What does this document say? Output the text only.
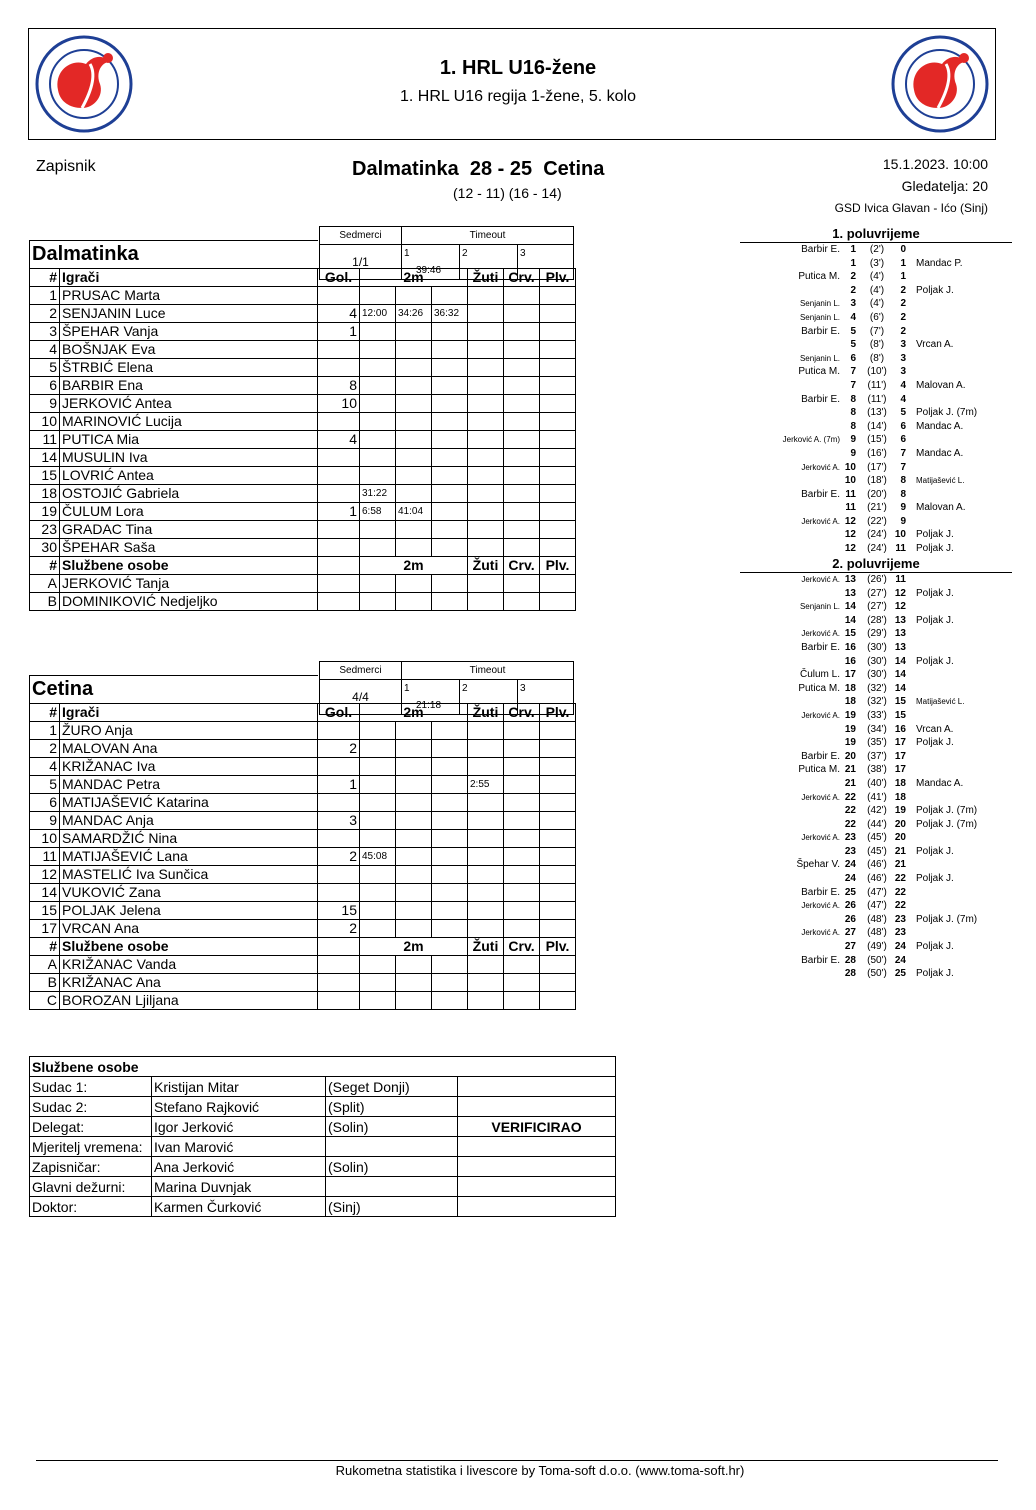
1. HRL U16-žene
1. HRL U16 regija 1-žene, 5. kolo
Zapisnik	Dalmatinka 28 - 25 Cetina
(12 - 11) (16 - 14)
15.1.2023. 10:00
Gledatelja: 20
GSD Ivica Glavan - Ićo (Sinj)
Sedmerci	Timeout		
1/1	1
39:46	2	3
Dalmatinka								
#	Igrači	Gol.	2m			Žuti	Crv.	Plv.
1	PRUSAC Marta							
2	SENJANIN Luce	4	12:00	34:26	36:32			
3	ŠPEHAR Vanja	1						
4	BOŠNJAK Eva							
5	ŠTRBIĆ Elena							
6	BARBIR Ena	8						
9	JERKOVIĆ Antea	10						
10	MARINOVIĆ Lucija							
11	PUTICA Mia	4						
14	MUSULIN Iva							
15	LOVRIĆ Antea							
18	OSTOJIĆ Gabriela		31:22					
19	ČULUM Lora	1	6:58	41:04				
23	GRADAC Tina							
30	ŠPEHAR Saša							
#	Službene osobe		2m			Žuti	Crv.	Plv.
A	JERKOVIĆ Tanja							
B	DOMINIKOVIĆ Nedjeljko							
Sedmerci	Timeout		
4/4	1
21:18	2	3
Cetina								
#	Igrači	Gol.	2m			Žuti	Crv.	Plv.
1	ŽURO Anja							
2	MALOVAN Ana	2						
4	KRIŽANAC Iva							
5	MANDAC Petra	1				2:55		
6	MATIJAŠEVIĆ Katarina							
9	MANDAC Anja	3						
10	SAMARDŽIĆ Nina							
11	MATIJAŠEVIĆ Lana	2	45:08					
12	MASTELIĆ Iva Sunčica							
14	VUKOVIĆ Zana							
15	POLJAK Jelena	15						
17	VRCAN Ana	2						
#	Službene osobe		2m			Žuti	Crv.	Plv.
A	KRIŽANAC Vanda							
B	KRIŽANAC Ana							
C	BOROZAN Ljiljana							
Službene osobe			
Sudac 1:	Kristijan Mitar	(Seget Donji)	
Sudac 2:	Stefano Rajković	(Split)	
Delegat:	Igor Jerković	(Solin)	VERIFICIRAO
Mjeritelj vremena:	Ivan Marović		
Zapisničar:	Ana Jerković	(Solin)	
Glavni dežurni:	Marina Duvnjak		
Doktor:	Karmen Čurković	(Sinj)	
1. poluvrijeme
Barbir E.	1	(2')	0
1	(3')	1 Mandac P.
Putica M.	2	(4')	1
2	(4')	2 Poljak J.
Senjanin L.	3	(4')	2
Senjanin L.	4	(6')	2
Barbir E.	5	(7')	2
5	(8')	3 Vrcan A.
Senjanin L.	6	(8')	3
Putica M.	7	(10')	3
7	(11')	4 Malovan A.
Barbir E.	8	(11')	4
8	(13')	5 Poljak J. (7m)
8	(14')	6 Mandac A.
Jerković A. (7m)	9	(15')	6
9	(16')	7 Mandac A.
Jerković A. 10	(17')	7
10	(18')	8 Matijašević L.
Barbir E. 11	(20')	8
11	(21')	9 Malovan A.
Jerković A. 12	(22')	9
12	(24') 10 Poljak J.
12	(24') 11 Poljak J.
2. poluvrijeme
Jerković A. 13	(26') 11
13	(27') 12 Poljak J.
Senjanin L. 14	(27') 12
14	(28') 13 Poljak J.
Jerković A. 15	(29') 13
Barbir E. 16	(30') 13
16	(30') 14 Poljak J.
Čulum L. 17	(30') 14
Putica M. 18	(32') 14
18	(32') 15 Matijašević L.
Jerković A. 19	(33') 15
19	(34') 16 Vrcan A.
19	(35') 17 Poljak J.
Barbir E. 20	(37') 17
Putica M. 21	(38') 17
21	(40') 18 Mandac A.
Jerković A. 22	(41') 18
22	(42') 19 Poljak J. (7m)
22	(44') 20 Poljak J. (7m)
Jerković A. 23	(45') 20
23	(45') 21 Poljak J.
Špehar V. 24	(46') 21
24	(46') 22 Poljak J.
Barbir E. 25	(47') 22
Jerković A. 26	(47') 22
26	(48') 23 Poljak J. (7m)
Jerković A. 27	(48') 23
27	(49') 24 Poljak J.
Barbir E. 28	(50') 24
28	(50') 25 Poljak J.
Rukometna statistika i livescore by Toma-soft d.o.o. (www.toma-soft.hr)
